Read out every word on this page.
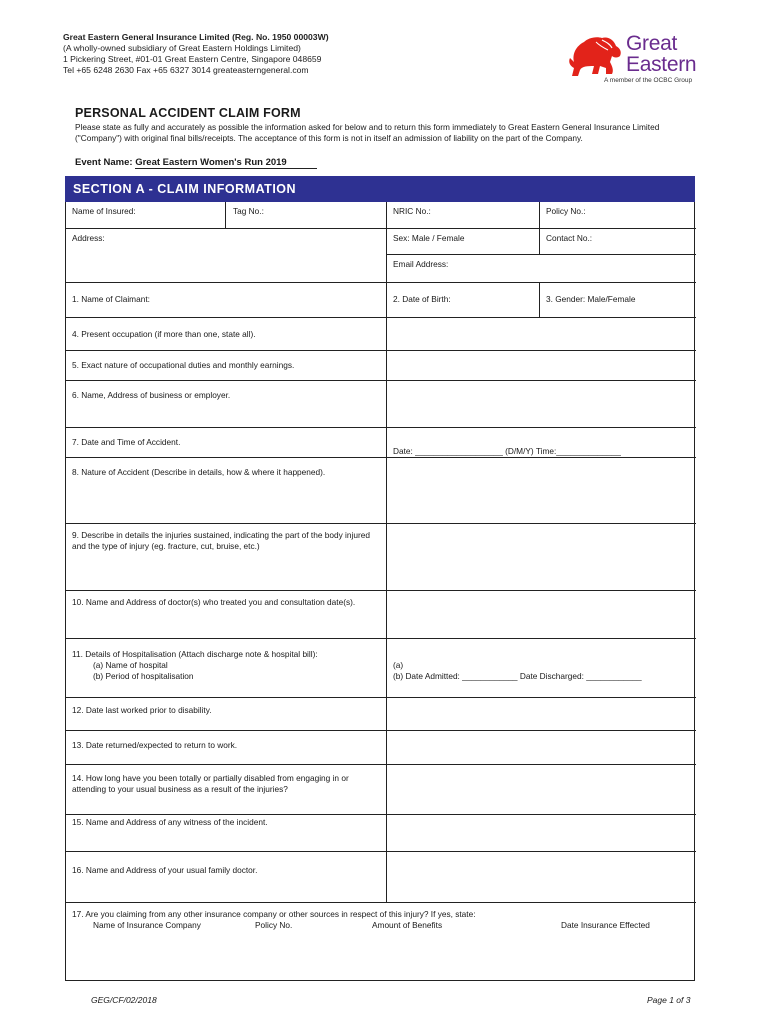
Great Eastern General Insurance Limited (Reg. No. 1950 00003W)
(A wholly-owned subsidiary of Great Eastern Holdings Limited)
1 Pickering Street, #01-01 Great Eastern Centre, Singapore 048659
Tel +65 6248 2630 Fax +65 6327 3014 greateasterngeneral.com
Great
Eastern
A member of the OCBC Group
PERSONAL ACCIDENT CLAIM FORM
Please state as fully and accurately as possible the information asked for below and to return this form immediately to Great Eastern General Insurance Limited ("Company") with original final bills/receipts. The acceptance of this form is not in itself an admission of liability on the part of the Company.
Event Name: Great Eastern Women's Run 2019
SECTION A - CLAIM INFORMATION
Name of Insured:	Tag No.:	NRIC No.:	Policy No.:
Address:	Sex: Male / Female	Contact No.:
Email Address:
1. Name of Claimant:	2. Date of Birth:	3. Gender: Male/Female
4. Present occupation (if more than one, state all).
5. Exact nature of occupational duties and monthly earnings.
6. Name, Address of business or employer.
7. Date and Time of Accident.
Date: ___________________ (D/M/Y) Time:______________
8. Nature of Accident (Describe in details, how & where it happened).
9. Describe in details the injuries sustained, indicating the part of the body injured and the type of injury (eg. fracture, cut, bruise, etc.)
10. Name and Address of doctor(s) who treated you and consultation date(s).
11. Details of Hospitalisation (Attach discharge note & hospital bill):
(a) Name of hospital
(b) Period of hospitalisation
(a)
(b) Date Admitted: ____________ Date Discharged: ____________
12. Date last worked prior to disability.
13. Date returned/expected to return to work.
14. How long have you been totally or partially disabled from engaging in or attending to your usual business as a result of the injuries?
15. Name and Address of any witness of the incident.
16. Name and Address of your usual family doctor.
17. Are you claiming from any other insurance company or other sources in respect of this injury? If yes, state:
Name of Insurance Company	Policy No.	Amount of Benefits	Date Insurance Effected
GEG/CF/02/2018	Page 1 of 3
